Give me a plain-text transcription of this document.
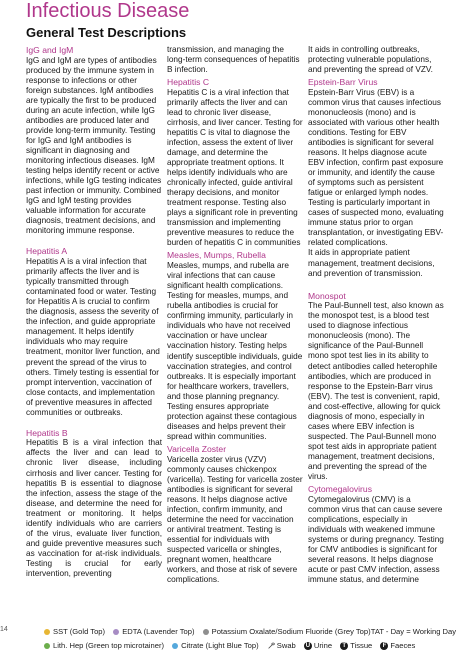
Infectious Disease
General Test Descriptions
IgG and IgM

IgG and IgM are types of antibodies produced by the immune system in response to infections or other foreign substances. IgM antibodies are typically the first to be produced during an acute infection, while IgG antibodies are produced later and provide long-term immunity. Testing for IgG and IgM antibodies is significant in diagnosing and monitoring infectious diseases. IgM testing helps identify recent or active infections, while IgG testing indicates past infection or immunity. Combined IgG and IgM testing provides valuable information for accurate diagnosis, treatment decisions, and monitoring immune response.

Hepatitis A

Hepatitis A is a viral infection that primarily affects the liver and is typically transmitted through contaminated food or water. Testing for Hepatitis A is crucial to confirm the diagnosis, assess the severity of the infection, and guide appropriate management. It helps identify individuals who may require treatment, monitor liver function, and prevent the spread of the virus to others. Timely testing is essential for prompt intervention, vaccination of close contacts, and implementation of preventive measures in affected communities or outbreaks.

Hepatitis B

Hepatitis B is a viral infection that affects the liver and can lead to chronic liver disease, including cirrhosis and liver cancer. Testing for hepatitis B is essential to diagnose the infection, assess the stage of the disease, and determine the need for treatment or monitoring. It helps identify individuals who are carriers of the virus, evaluate liver function, and guide preventive measures such as vaccination for at-risk individuals. Testing is crucial for early intervention, preventing

transmission, and managing the long-term consequences of hepatitis B infection.

Hepatitis C

Hepatitis C is a viral infection that primarily affects the liver and can lead to chronic liver disease, cirrhosis, and liver cancer. Testing for hepatitis C is vital to diagnose the infection, assess the extent of liver damage, and determine the appropriate treatment options. It helps identify individuals who are chronically infected, guide antiviral therapy decisions, and monitor treatment response. Testing also plays a significant role in preventing transmission and implementing preventive measures to reduce the burden of hepatitis C in communities

Measles, Mumps, Rubella

Measles, mumps, and rubella are viral infections that can cause significant health complications. Testing for measles, mumps, and rubella antibodies is crucial for confirming immunity, particularly in individuals who have not received vaccination or have unclear vaccination history. Testing helps identify susceptible individuals, guide vaccination strategies, and control outbreaks. It is especially important for healthcare workers, travellers, and those planning pregnancy. Testing ensures appropriate protection against these contagious diseases and helps prevent their spread within communities.

Varicella Zoster

Varicella zoster virus (VZV) commonly causes chickenpox (varicella). Testing for varicella zoster antibodies is significant for several reasons. It helps diagnose active infection, confirm immunity, and determine the need for vaccination or antiviral treatment. Testing is essential for individuals with suspected varicella or shingles, pregnant women, healthcare workers, and those at risk of severe complications.

It aids in controlling outbreaks, protecting vulnerable populations, and preventing the spread of VZV.

Epstein-Barr Virus

Epstein-Barr Virus (EBV) is a common virus that causes infectious mononucleosis (mono) and is associated with various other health conditions. Testing for EBV antibodies is significant for several reasons. It helps diagnose acute EBV infection, confirm past exposure or immunity, and identify the cause of symptoms such as persistent fatigue or enlarged lymph nodes. Testing is particularly important in cases of suspected mono, evaluating immune status prior to organ transplantation, or investigating EBV-related complications.

It aids in appropriate patient management, treatment decisions, and prevention of transmission.

Monospot

The Paul-Bunnell test, also known as the monospot test, is a blood test used to diagnose infectious mononucleosis (mono). The significance of the Paul-Bunnell mono spot test lies in its ability to detect antibodies called heterophile antibodies, which are produced in response to the Epstein-Barr virus (EBV). The test is convenient, rapid, and cost-effective, allowing for quick diagnosis of mono, especially in cases where EBV infection is suspected. The Paul-Bunnell mono spot test aids in appropriate patient management, treatment decisions, and preventing the spread of the virus.

Cytomegalovirus

Cytomegalovirus (CMV) is a common virus that can cause severe complications, especially in individuals with weakened immune systems or during pregnancy. Testing for CMV antibodies is significant for several reasons. It helps diagnose acute or past CMV infection, assess immune status, and determine

14	SST (Gold Top) EDTA (Lavender Top) Potassium Oxalate/Sodium Fluoride (Grey Top) TAT - Day = Working Day
Lith. Hep (Green top microtainer) Citrate (Light Blue Top) Swab U Urine T Tissue F Faeces
